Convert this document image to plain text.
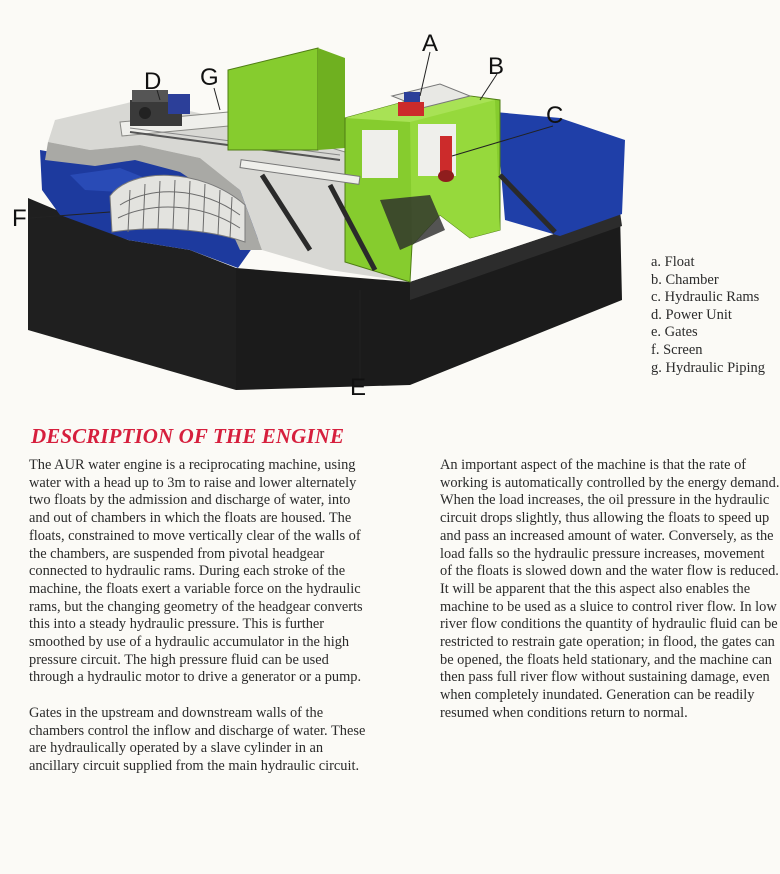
A
B
C
D G
F
E
a. Float
b. Chamber
c. Hydraulic Rams
d. Power Unit
e. Gates
f. Screen
g. Hydraulic Piping
DESCRIPTION OF THE ENGINE

The AUR water engine is a reciprocating machine, using water with a head up to 3m to raise and lower alternately two floats by the admission and discharge of water, into and out of chambers in which the floats are housed. The floats, constrained to move vertically clear of the walls of the chambers, are suspended from pivotal headgear connected to hydraulic rams. During each stroke of the machine, the floats exert a variable force on the hydraulic rams, but the changing geometry of the headgear converts this into a steady hydraulic pressure. This is further smoothed by use of a hydraulic accumulator in the high pressure circuit. The high pressure fluid can be used through a hydraulic motor to drive a generator or a pump.

Gates in the upstream and downstream walls of the chambers control the inflow and discharge of water. These are hydraulically operated by a slave cylinder in an ancillary circuit supplied from the main hydraulic circuit.

An important aspect of the machine is that the rate of working is automatically controlled by the energy demand. When the load increases, the oil pressure in the hydraulic circuit drops slightly, thus allowing the floats to speed up and pass an increased amount of water. Conversely, as the load falls so the hydraulic pressure increases, movement of the floats is slowed down and the water flow is reduced. It will be apparent that the this aspect also enables the machine to be used as a sluice to control river flow. In low river flow conditions the quantity of hydraulic fluid can be restricted to restrain gate operation; in flood, the gates can be opened, the floats held stationary, and the machine can then pass full river flow without sustaining damage, even when completely inundated. Generation can be readily resumed when conditions return to normal.
